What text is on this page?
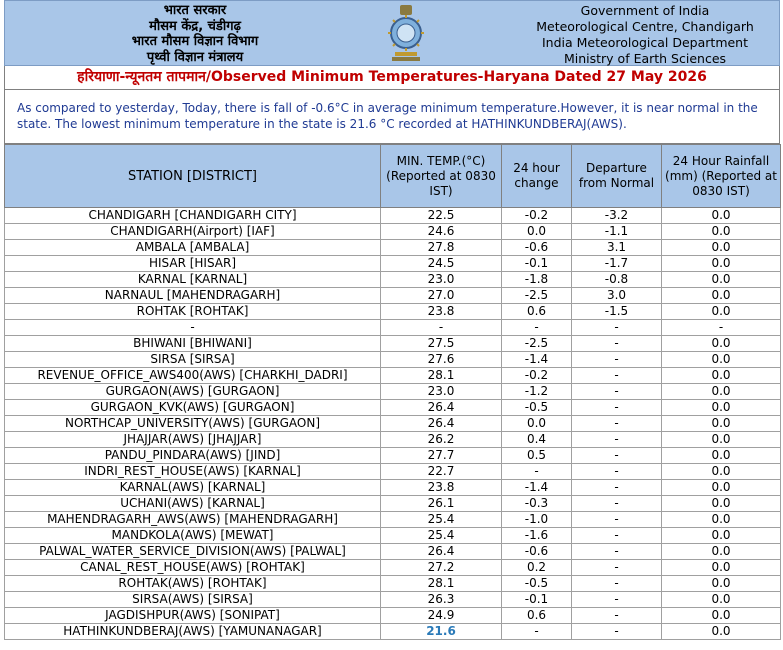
भारत सरकार
मौसम केंद्र, चंडीगढ़
भारत मौसम विज्ञान विभाग
पृथ्वी विज्ञान मंत्रालय
Government of India
Meteorological Centre, Chandigarh
India Meteorological Department
Ministry of Earth Sciences
हरियाणा-न्यूनतम तापमान/Observed Minimum Temperatures-Haryana Dated 27 May 2026
As compared to yesterday, Today, there is fall of -0.6°C in average minimum temperature.However, it is near normal in the state. The lowest minimum temperature in the state is 21.6 °C recorded at HATHINKUNDBERAJ(AWS).
STATION [DISTRICT]	MIN. TEMP.(°C) (Reported at 0830 IST)	24 hour change	Departure from Normal	24 Hour Rainfall (mm) (Reported at 0830 IST)
CHANDIGARH [CHANDIGARH CITY]	22.5	-0.2	-3.2	0.0
CHANDIGARH(Airport) [IAF]	24.6	0.0	-1.1	0.0
AMBALA [AMBALA]	27.8	-0.6	3.1	0.0
HISAR [HISAR]	24.5	-0.1	-1.7	0.0
KARNAL [KARNAL]	23.0	-1.8	-0.8	0.0
NARNAUL [MAHENDRAGARH]	27.0	-2.5	3.0	0.0
ROHTAK [ROHTAK]	23.8	0.6	-1.5	0.0
-	-	-	-	-
BHIWANI [BHIWANI]	27.5	-2.5	-	0.0
SIRSA [SIRSA]	27.6	-1.4	-	0.0
REVENUE_OFFICE_AWS400(AWS) [CHARKHI_DADRI]	28.1	-0.2	-	0.0
GURGAON(AWS) [GURGAON]	23.0	-1.2	-	0.0
GURGAON_KVK(AWS) [GURGAON]	26.4	-0.5	-	0.0
NORTHCAP_UNIVERSITY(AWS) [GURGAON]	26.4	0.0	-	0.0
JHAJJAR(AWS) [JHAJJAR]	26.2	0.4	-	0.0
PANDU_PINDARA(AWS) [JIND]	27.7	0.5	-	0.0
INDRI_REST_HOUSE(AWS) [KARNAL]	22.7	-	-	0.0
KARNAL(AWS) [KARNAL]	23.8	-1.4	-	0.0
UCHANI(AWS) [KARNAL]	26.1	-0.3	-	0.0
MAHENDRAGARH_AWS(AWS) [MAHENDRAGARH]	25.4	-1.0	-	0.0
MANDKOLA(AWS) [MEWAT]	25.4	-1.6	-	0.0
PALWAL_WATER_SERVICE_DIVISION(AWS) [PALWAL]	26.4	-0.6	-	0.0
CANAL_REST_HOUSE(AWS) [ROHTAK]	27.2	0.2	-	0.0
ROHTAK(AWS) [ROHTAK]	28.1	-0.5	-	0.0
SIRSA(AWS) [SIRSA]	26.3	-0.1	-	0.0
JAGDISHPUR(AWS) [SONIPAT]	24.9	0.6	-	0.0
HATHINKUNDBERAJ(AWS) [YAMUNANAGAR]	21.6	-	-	0.0
